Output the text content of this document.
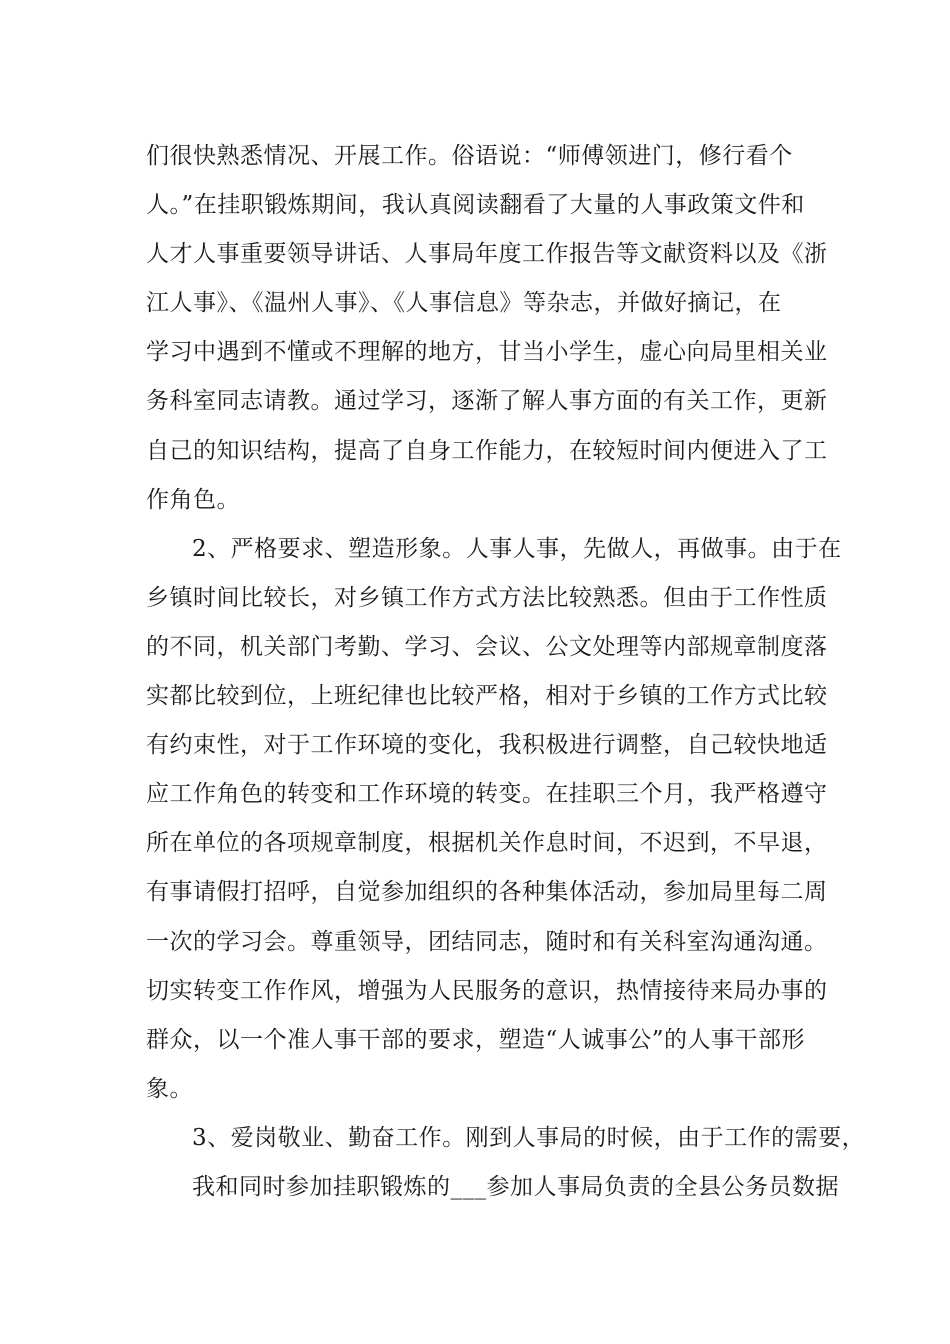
们很快熟悉情况、开展工作。俗语说：“师傅领进门，修行看个
人。”在挂职锻炼期间，我认真阅读翻看了大量的人事政策文件和
人才人事重要领导讲话、人事局年度工作报告等文献资料以及《浙
江人事》、《温州人事》、《人事信息》等杂志，并做好摘记，在
学习中遇到不懂或不理解的地方，甘当小学生，虚心向局里相关业
务科室同志请教。通过学习，逐渐了解人事方面的有关工作，更新
自己的知识结构，提高了自身工作能力，在较短时间内便进入了工
作角色。
2、严格要求、塑造形象。人事人事，先做人，再做事。由于在
乡镇时间比较长，对乡镇工作方式方法比较熟悉。但由于工作性质
的不同，机关部门考勤、学习、会议、公文处理等内部规章制度落
实都比较到位，上班纪律也比较严格，相对于乡镇的工作方式比较
有约束性，对于工作环境的变化，我积极进行调整，自己较快地适
应工作角色的转变和工作环境的转变。在挂职三个月，我严格遵守
所在单位的各项规章制度，根据机关作息时间，不迟到，不早退，
有事请假打招呼，自觉参加组织的各种集体活动，参加局里每二周
一次的学习会。尊重领导，团结同志，随时和有关科室沟通沟通。
切实转变工作作风，增强为人民服务的意识，热情接待来局办事的
群众，以一个准人事干部的要求，塑造“人诚事公”的人事干部形
象。
3、爱岗敬业、勤奋工作。刚到人事局的时候，由于工作的需要，
我和同时参加挂职锻炼的___参加人事局负责的全县公务员数据
